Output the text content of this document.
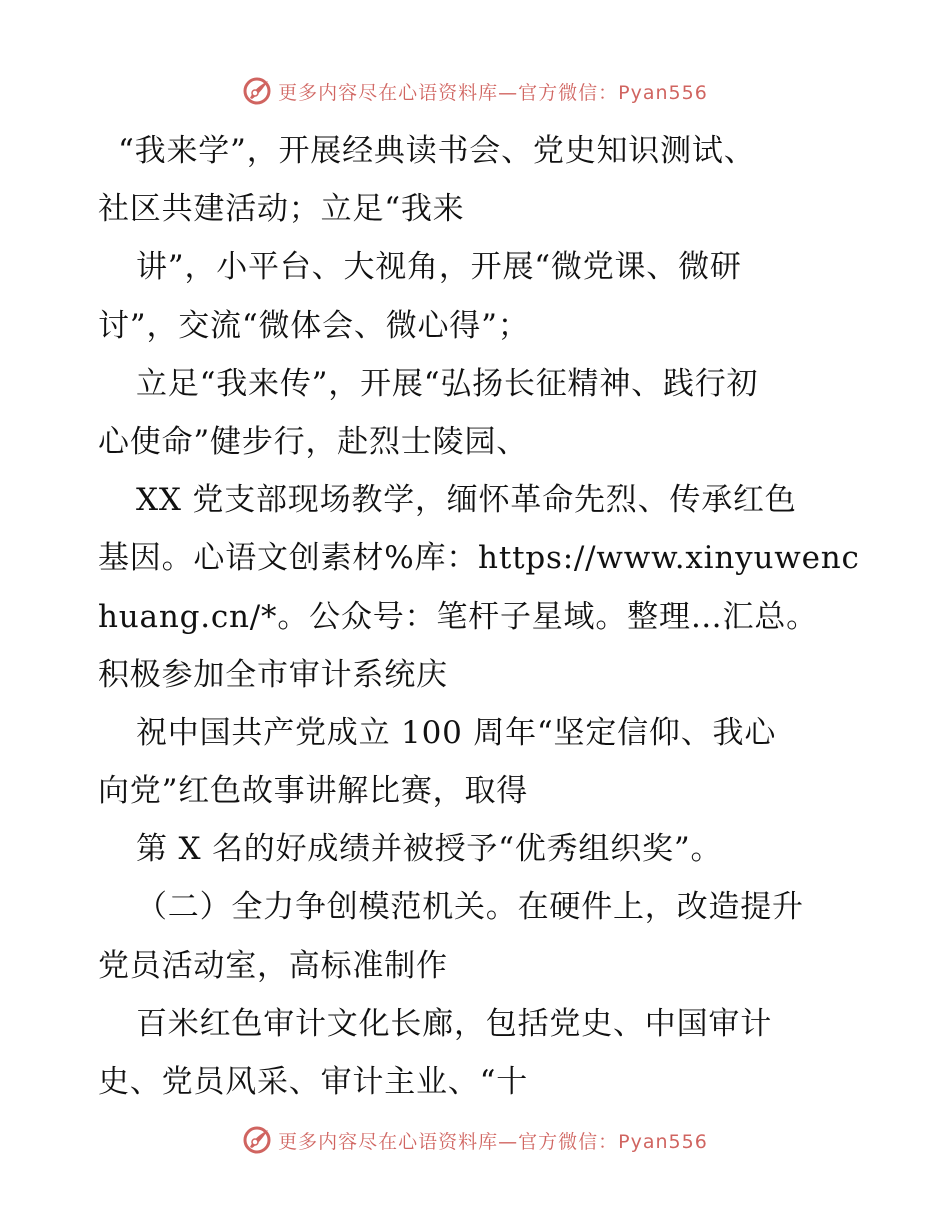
更多内容尽在心语资料库—官方微信：Pyan556
“我来学”，开展经典读书会、党史知识测试、
社区共建活动；立足“我来
讲”，小平台、大视角，开展“微党课、微研
讨”，交流“微体会、微心得”；
立足“我来传”，开展“弘扬长征精神、践行初
心使命”健步行，赴烈士陵园、
XX 党支部现场教学，缅怀革命先烈、传承红色
基因。心语文创素材%库：https://www.xinyuwenc
huang.cn/*。公众号：笔杆子星域。整理…汇总。
积极参加全市审计系统庆
祝中国共产党成立 100 周年“坚定信仰、我心
向党”红色故事讲解比赛，取得
第 X 名的好成绩并被授予“优秀组织奖”。
（二）全力争创模范机关。在硬件上，改造提升
党员活动室，高标准制作
百米红色审计文化长廊，包括党史、中国审计
史、党员风采、审计主业、“十
更多内容尽在心语资料库—官方微信：Pyan556
